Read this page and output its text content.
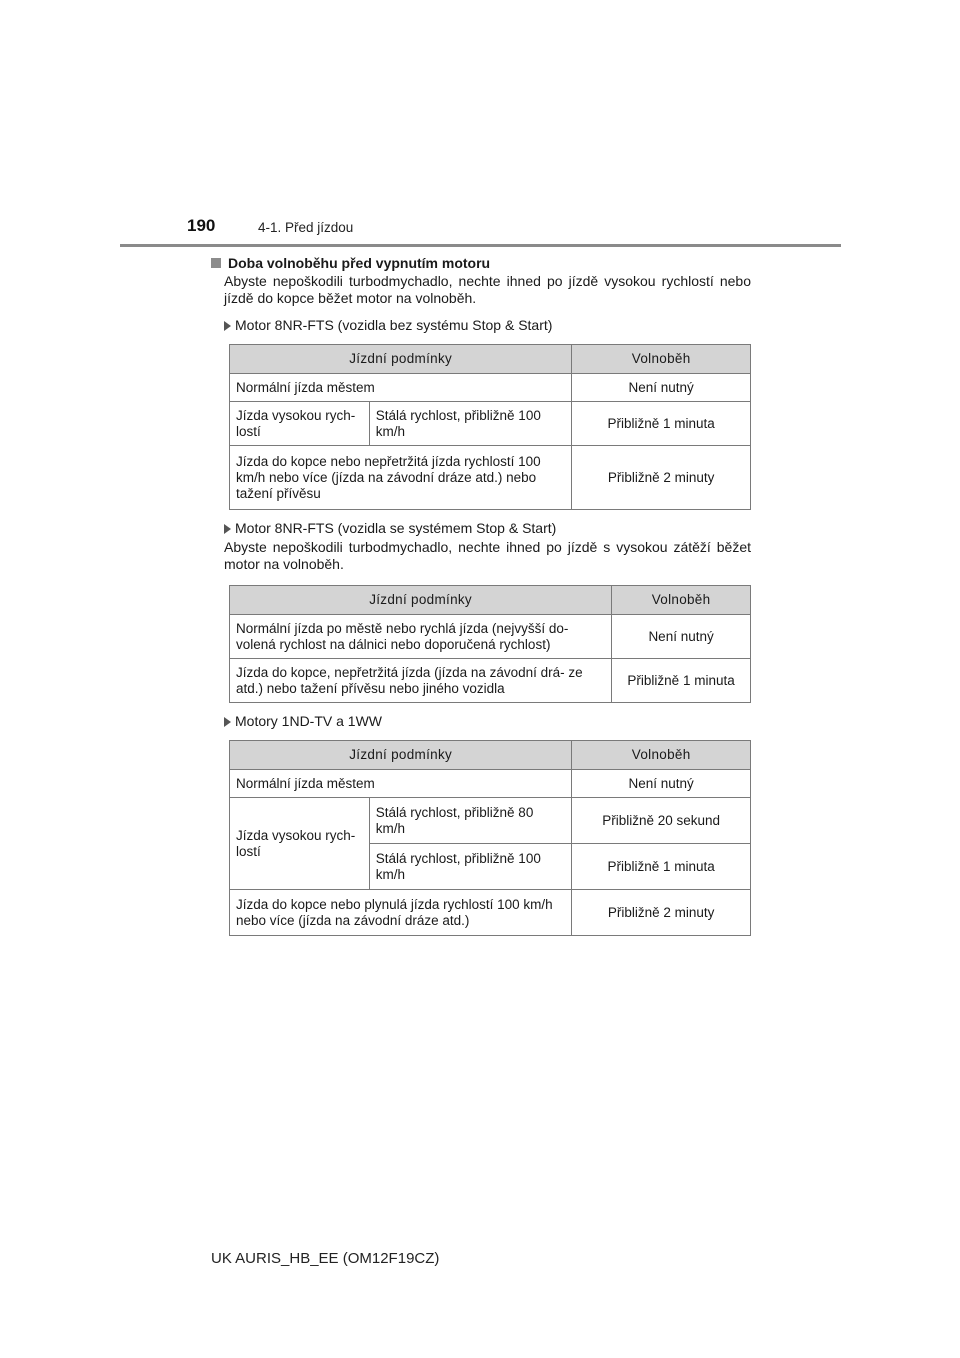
190	4-1. Před jízdou
Doba volnoběhu před vypnutím motoru
Abyste nepoškodili turbodmychadlo, nechte ihned po jízdě vysokou rychlostí nebo jízdě do kopce běžet motor na volnoběh.
Motor 8NR-FTS (vozidla bez systému Stop & Start)
Jízdní podmínky		Volnoběh
Normální jízda městem		Není nutný
Jízda vysokou rych- lostí	Stálá rychlost, přibližně 100 km/h	Přibližně 1 minuta
Jízda do kopce nebo nepřetržitá jízda rychlostí 100 km/h nebo více (jízda na závodní dráze atd.) nebo tažení přívěsu		Přibližně 2 minuty
Motor 8NR-FTS (vozidla se systémem Stop & Start)
Abyste nepoškodili turbodmychadlo, nechte ihned po jízdě s vysokou zátěží běžet motor na volnoběh.
Jízdní podmínky	Volnoběh
Normální jízda po městě nebo rychlá jízda (nejvyšší do- volená rychlost na dálnici nebo doporučená rychlost)	Není nutný
Jízda do kopce, nepřetržitá jízda (jízda na závodní drá- ze atd.) nebo tažení přívěsu nebo jiného vozidla	Přibližně 1 minuta
Motory 1ND-TV a 1WW
Jízdní podmínky		Volnoběh
Normální jízda městem		Není nutný
Jízda vysokou rych- lostí	Stálá rychlost, přibližně 80 km/h	Přibližně 20 sekund
	Stálá rychlost, přibližně 100 km/h	Přibližně 1 minuta
Jízda do kopce nebo plynulá jízda rychlostí 100 km/h nebo více (jízda na závodní dráze atd.)		Přibližně 2 minuty
UK AURIS_HB_EE (OM12F19CZ)
